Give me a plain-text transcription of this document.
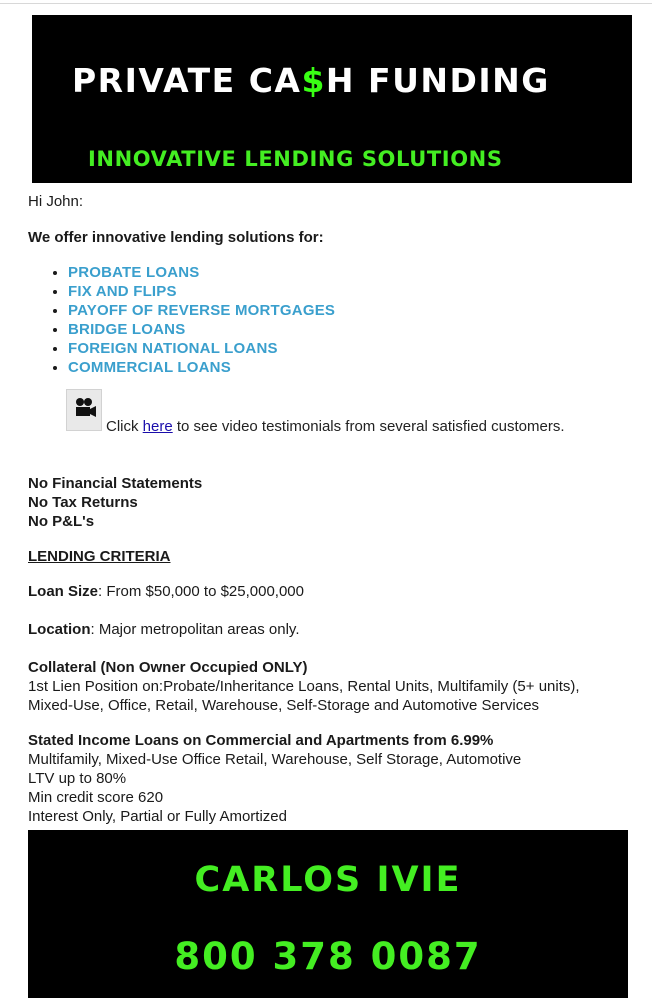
PRIVATE CA$H FUNDING
INNOVATIVE LENDING SOLUTIONS

Hi John:

We offer innovative lending solutions for:

• PROBATE LOANS
• FIX AND FLIPS
• PAYOFF OF REVERSE MORTGAGES
• BRIDGE LOANS
• FOREIGN NATIONAL LOANS
• COMMERCIAL LOANS
Click here to see video testimonials from several satisfied customers.

No Financial Statements

No Tax Returns

No P&L's

LENDING CRITERIA

Loan Size: From $50,000 to $25,000,000

Location: Major metropolitan areas only.

Collateral (Non Owner Occupied ONLY)

1st Lien Position on:Probate/Inheritance Loans, Rental Units, Multifamily (5+ units),

Mixed-Use, Office, Retail, Warehouse, Self-Storage and Automotive Services

Stated Income Loans on Commercial and Apartments from 6.99%

Multifamily, Mixed-Use Office Retail, Warehouse, Self Storage, Automotive

LTV up to 80%

Min credit score 620

Interest Only, Partial or Fully Amortized

CARLOS IVIE
800 378 0087
